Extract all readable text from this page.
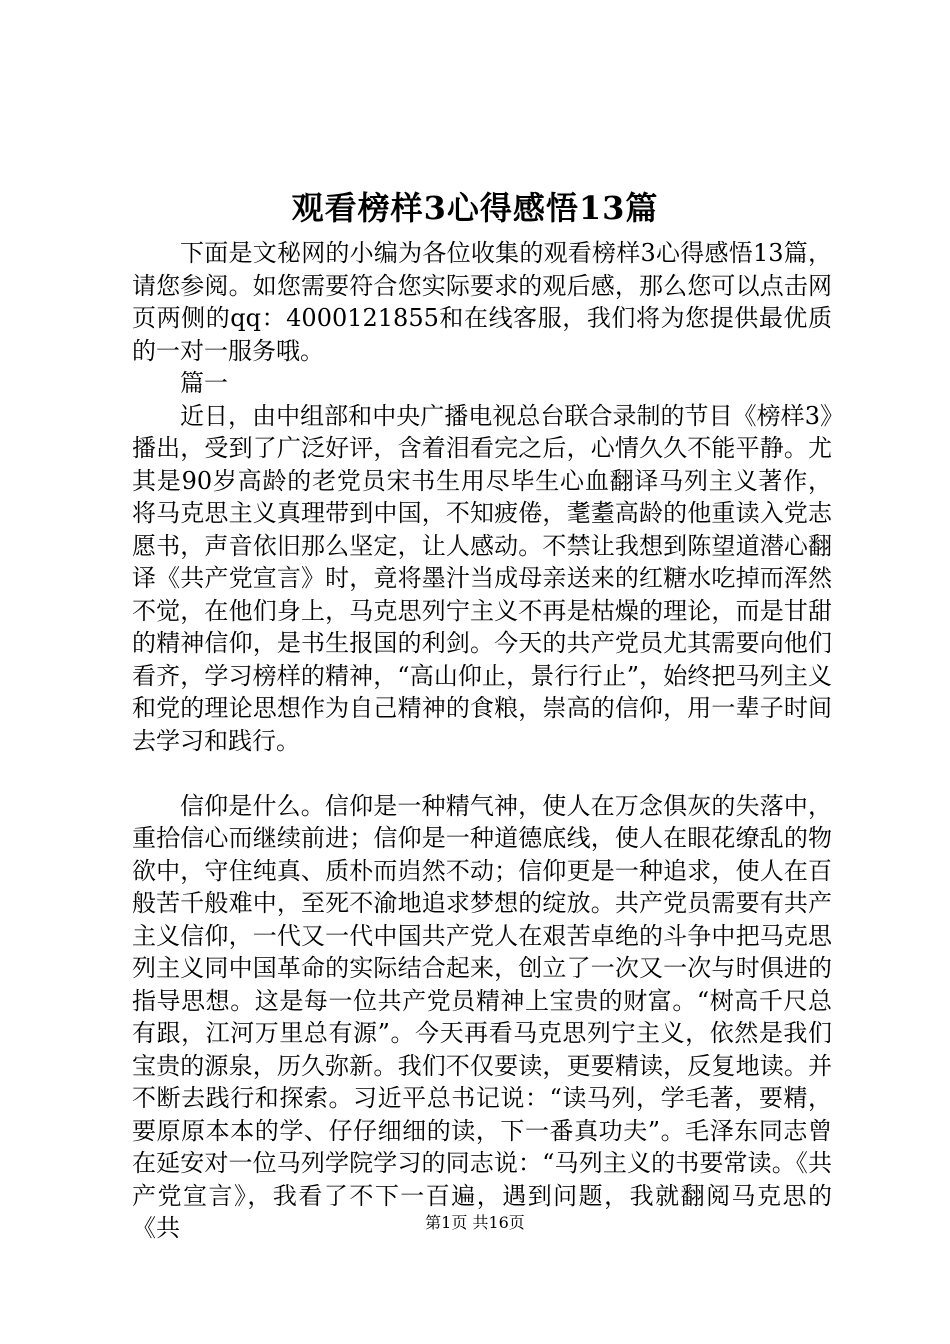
观看榜样3心得感悟13篇

下面是文秘网的小编为各位收集的观看榜样3心得感悟13篇，请您参阅。如您需要符合您实际要求的观后感，那么您可以点击网页两侧的qq：4000121855和在线客服，我们将为您提供最优质的一对一服务哦。

篇一

近日，由中组部和中央广播电视总台联合录制的节目《榜样3》播出，受到了广泛好评，含着泪看完之后，心情久久不能平静。尤其是90岁高龄的老党员宋书生用尽毕生心血翻译马列主义著作，将马克思主义真理带到中国，不知疲倦，耄耋高龄的他重读入党志愿书，声音依旧那么坚定，让人感动。不禁让我想到陈望道潜心翻译《共产党宣言》时，竟将墨汁当成母亲送来的红糖水吃掉而浑然不觉，在他们身上，马克思列宁主义不再是枯燥的理论，而是甘甜的精神信仰，是书生报国的利剑。今天的共产党员尤其需要向他们看齐，学习榜样的精神，“高山仰止，景行行止”，始终把马列主义和党的理论思想作为自己精神的食粮，崇高的信仰，用一辈子时间去学习和践行。

信仰是什么。信仰是一种精气神，使人在万念俱灰的失落中，重拾信心而继续前进；信仰是一种道德底线，使人在眼花缭乱的物欲中，守住纯真、质朴而岿然不动；信仰更是一种追求，使人在百般苦千般难中，至死不渝地追求梦想的绽放。共产党员需要有共产主义信仰，一代又一代中国共产党人在艰苦卓绝的斗争中把马克思列主义同中国革命的实际结合起来，创立了一次又一次与时俱进的指导思想。这是每一位共产党员精神上宝贵的财富。“树高千尺总有跟，江河万里总有源”。今天再看马克思列宁主义，依然是我们宝贵的源泉，历久弥新。我们不仅要读，更要精读，反复地读。并不断去践行和探索。习近平总书记说：“读马列，学毛著，要精，要原原本本的学、仔仔细细的读，下一番真功夫”。毛泽东同志曾在延安对一位马列学院学习的同志说：“马列主义的书要常读。《共产党宣言》，我看了不下一百遍，遇到问题，我就翻阅马克思的《共	第1页 共16页
